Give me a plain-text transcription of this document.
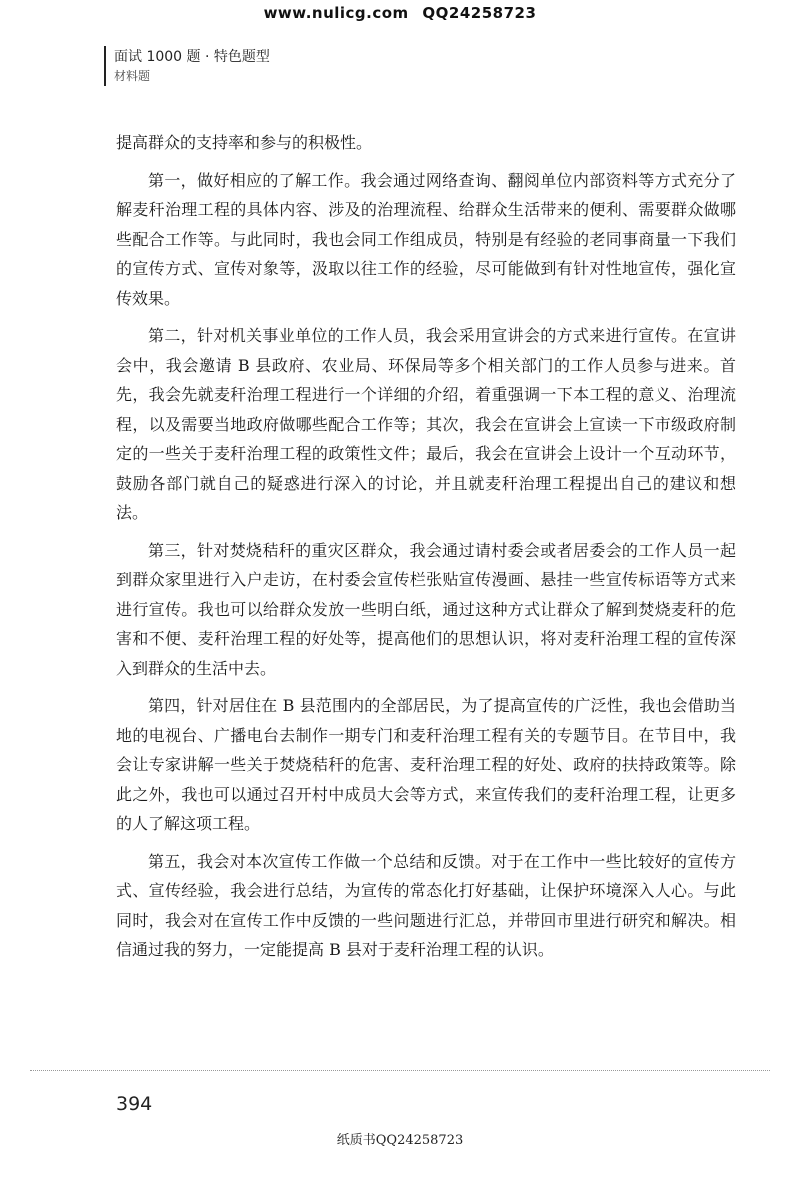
www.nulicg.com QQ24258723
面试 1000 题 · 特色题型
材料题

提高群众的支持率和参与的积极性。

第一，做好相应的了解工作。我会通过网络查询、翻阅单位内部资料等方式充分了解麦秆治理工程的具体内容、涉及的治理流程、给群众生活带来的便利、需要群众做哪些配合工作等。与此同时，我也会同工作组成员，特别是有经验的老同事商量一下我们的宣传方式、宣传对象等，汲取以往工作的经验，尽可能做到有针对性地宣传，强化宣传效果。

第二，针对机关事业单位的工作人员，我会采用宣讲会的方式来进行宣传。在宣讲会中，我会邀请 B 县政府、农业局、环保局等多个相关部门的工作人员参与进来。首先，我会先就麦秆治理工程进行一个详细的介绍，着重强调一下本工程的意义、治理流程，以及需要当地政府做哪些配合工作等；其次，我会在宣讲会上宣读一下市级政府制定的一些关于麦秆治理工程的政策性文件；最后，我会在宣讲会上设计一个互动环节，鼓励各部门就自己的疑惑进行深入的讨论，并且就麦秆治理工程提出自己的建议和想法。

第三，针对焚烧秸秆的重灾区群众，我会通过请村委会或者居委会的工作人员一起到群众家里进行入户走访，在村委会宣传栏张贴宣传漫画、悬挂一些宣传标语等方式来进行宣传。我也可以给群众发放一些明白纸，通过这种方式让群众了解到焚烧麦秆的危害和不便、麦秆治理工程的好处等，提高他们的思想认识，将对麦秆治理工程的宣传深入到群众的生活中去。

第四，针对居住在 B 县范围内的全部居民，为了提高宣传的广泛性，我也会借助当地的电视台、广播电台去制作一期专门和麦秆治理工程有关的专题节目。在节目中，我会让专家讲解一些关于焚烧秸秆的危害、麦秆治理工程的好处、政府的扶持政策等。除此之外，我也可以通过召开村中成员大会等方式，来宣传我们的麦秆治理工程，让更多的人了解这项工程。

第五，我会对本次宣传工作做一个总结和反馈。对于在工作中一些比较好的宣传方式、宣传经验，我会进行总结，为宣传的常态化打好基础，让保护环境深入人心。与此同时，我会对在宣传工作中反馈的一些问题进行汇总，并带回市里进行研究和解决。相信通过我的努力，一定能提高 B 县对于麦秆治理工程的认识。

394
纸质书QQ24258723
